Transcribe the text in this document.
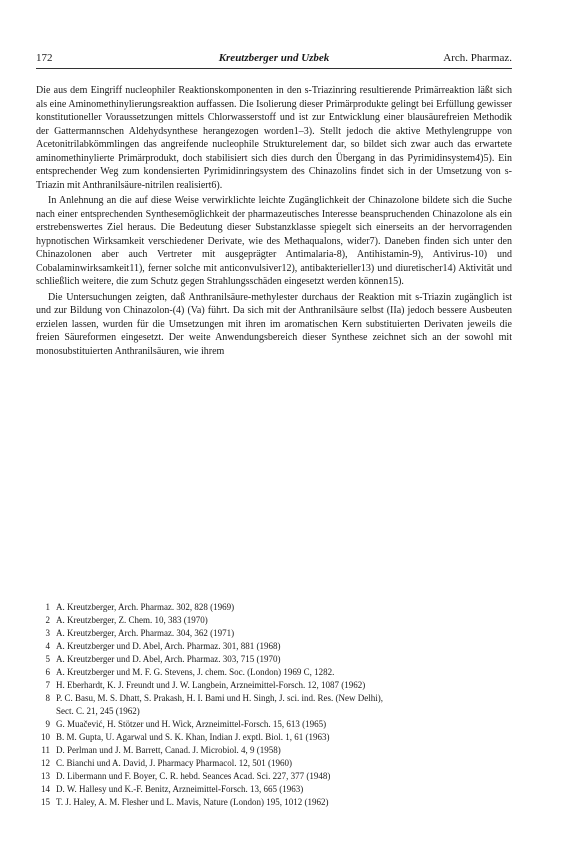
172	Kreutzberger und Uzbek	Arch. Pharmaz.

Die aus dem Eingriff nucleophiler Reaktionskomponenten in den s-Triazinring resultierende Primärreaktion läßt sich als eine Aminomethinylierungsreaktion auffassen. Die Isolierung dieser Primärprodukte gelingt bei Erfüllung gewisser konstitutioneller Voraussetzungen mittels Chlorwasserstoff und ist zur Entwicklung einer blausäurefreien Methodik der Gattermannschen Aldehydsynthese herangezogen worden1–3). Stellt jedoch die aktive Methylengruppe von Acetonitrilabkömmlingen das angreifende nucleophile Strukturelement dar, so bildet sich zwar auch das erwartete aminomethinylierte Primärprodukt, doch stabilisiert sich dies durch den Übergang in das Pyrimidinsystem4)5). Ein entsprechender Weg zum kondensierten Pyrimidinringsystem des Chinazolins findet sich in der Umsetzung von s-Triazin mit Anthranilsäure-nitrilen realisiert6).

In Anlehnung an die auf diese Weise verwirklichte leichte Zugänglichkeit der Chinazolone bildete sich die Suche nach einer entsprechenden Synthesemöglichkeit der pharmazeutisches Interesse beanspruchenden Chinazolone als ein erstrebenswertes Ziel heraus. Die Bedeutung dieser Substanzklasse spiegelt sich einerseits an der hervorragenden hypnotischen Wirksamkeit verschiedener Derivate, wie des Methaqualons, wider7). Daneben finden sich unter den Chinazolonen aber auch Vertreter mit ausgeprägter Antimalaria-8), Antihistamin-9), Antivirus-10) und Cobalaminwirksamkeit11), ferner solche mit anticonvulsiver12), antibakterieller13) und diuretischer14) Aktivität und schließlich weitere, die zum Schutz gegen Strahlungsschäden eingesetzt werden können15).

Die Untersuchungen zeigten, daß Anthranilsäure-methylester durchaus der Reaktion mit s-Triazin zugänglich ist und zur Bildung von Chinazolon-(4) (Va) führt. Da sich mit der Anthranilsäure selbst (IIa) jedoch bessere Ausbeuten erzielen lassen, wurden für die Umsetzungen mit ihren im aromatischen Kern substituierten Derivaten jeweils die freien Säureformen eingesetzt. Der weite Anwendungsbereich dieser Synthese zeichnet sich an der sowohl mit monosubstituierten Anthranilsäuren, wie ihrem

1 A. Kreutzberger, Arch. Pharmaz. 302, 828 (1969)
2 A. Kreutzberger, Z. Chem. 10, 383 (1970)
3 A. Kreutzberger, Arch. Pharmaz. 304, 362 (1971)
4 A. Kreutzberger und D. Abel, Arch. Pharmaz. 301, 881 (1968)
5 A. Kreutzberger und D. Abel, Arch. Pharmaz. 303, 715 (1970)
6 A. Kreutzberger und M. F. G. Stevens, J. chem. Soc. (London) 1969 C, 1282.
7 H. Eberhardt, K. J. Freundt und J. W. Langbein, Arzneimittel-Forsch. 12, 1087 (1962)
8 P. C. Basu, M. S. Dhatt, S. Prakash, H. I. Bami und H. Singh, J. sci. ind. Res. (New Delhi),
Sect. C. 21, 245 (1962)
9 G. Muačević, H. Stötzer und H. Wick, Arzneimittel-Forsch. 15, 613 (1965)
10 B. M. Gupta, U. Agarwal und S. K. Khan, Indian J. exptl. Biol. 1, 61 (1963)
11 D. Perlman und J. M. Barrett, Canad. J. Microbiol. 4, 9 (1958)
12 C. Bianchi und A. David, J. Pharmacy Pharmacol. 12, 501 (1960)
13 D. Libermann und F. Boyer, C. R. hebd. Seances Acad. Sci. 227, 377 (1948)
14 D. W. Hallesy und K.-F. Benitz, Arzneimittel-Forsch. 13, 665 (1963)
15 T. J. Haley, A. M. Flesher und L. Mavis, Nature (London) 195, 1012 (1962)
